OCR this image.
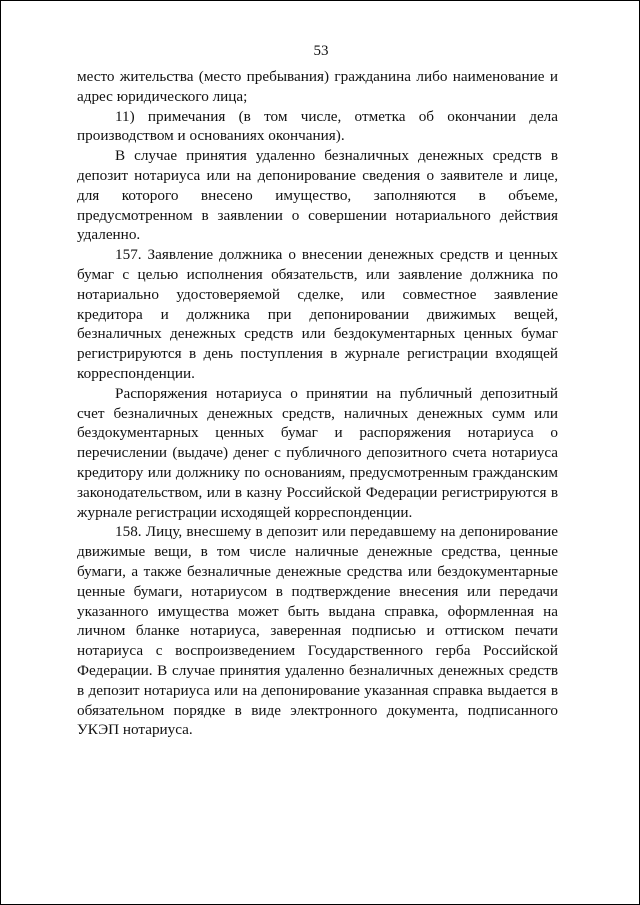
53

место жительства (место пребывания) гражданина либо наименование и адрес юридического лица;

11) примечания (в том числе, отметка об окончании дела производством и основаниях окончания).

В случае принятия удаленно безналичных денежных средств в депозит нотариуса или на депонирование сведения о заявителе и лице, для которого внесено имущество, заполняются в объеме, предусмотренном в заявлении о совершении нотариального действия удаленно.

157. Заявление должника о внесении денежных средств и ценных бумаг с целью исполнения обязательств, или заявление должника по нотариально удостоверяемой сделке, или совместное заявление кредитора и должника при депонировании движимых вещей, безналичных денежных средств или бездокументарных ценных бумаг регистрируются в день поступления в журнале регистрации входящей корреспонденции.

Распоряжения нотариуса о принятии на публичный депозитный счет безналичных денежных средств, наличных денежных сумм или бездокументарных ценных бумаг и распоряжения нотариуса о перечислении (выдаче) денег с публичного депозитного счета нотариуса кредитору или должнику по основаниям, предусмотренным гражданским законодательством, или в казну Российской Федерации регистрируются в журнале регистрации исходящей корреспонденции.

158. Лицу, внесшему в депозит или передавшему на депонирование движимые вещи, в том числе наличные денежные средства, ценные бумаги, а также безналичные денежные средства или бездокументарные ценные бумаги, нотариусом в подтверждение внесения или передачи указанного имущества может быть выдана справка, оформленная на личном бланке нотариуса, заверенная подписью и оттиском печати нотариуса с воспроизведением Государственного герба Российской Федерации. В случае принятия удаленно безналичных денежных средств в депозит нотариуса или на депонирование указанная справка выдается в обязательном порядке в виде электронного документа, подписанного УКЭП нотариуса.
